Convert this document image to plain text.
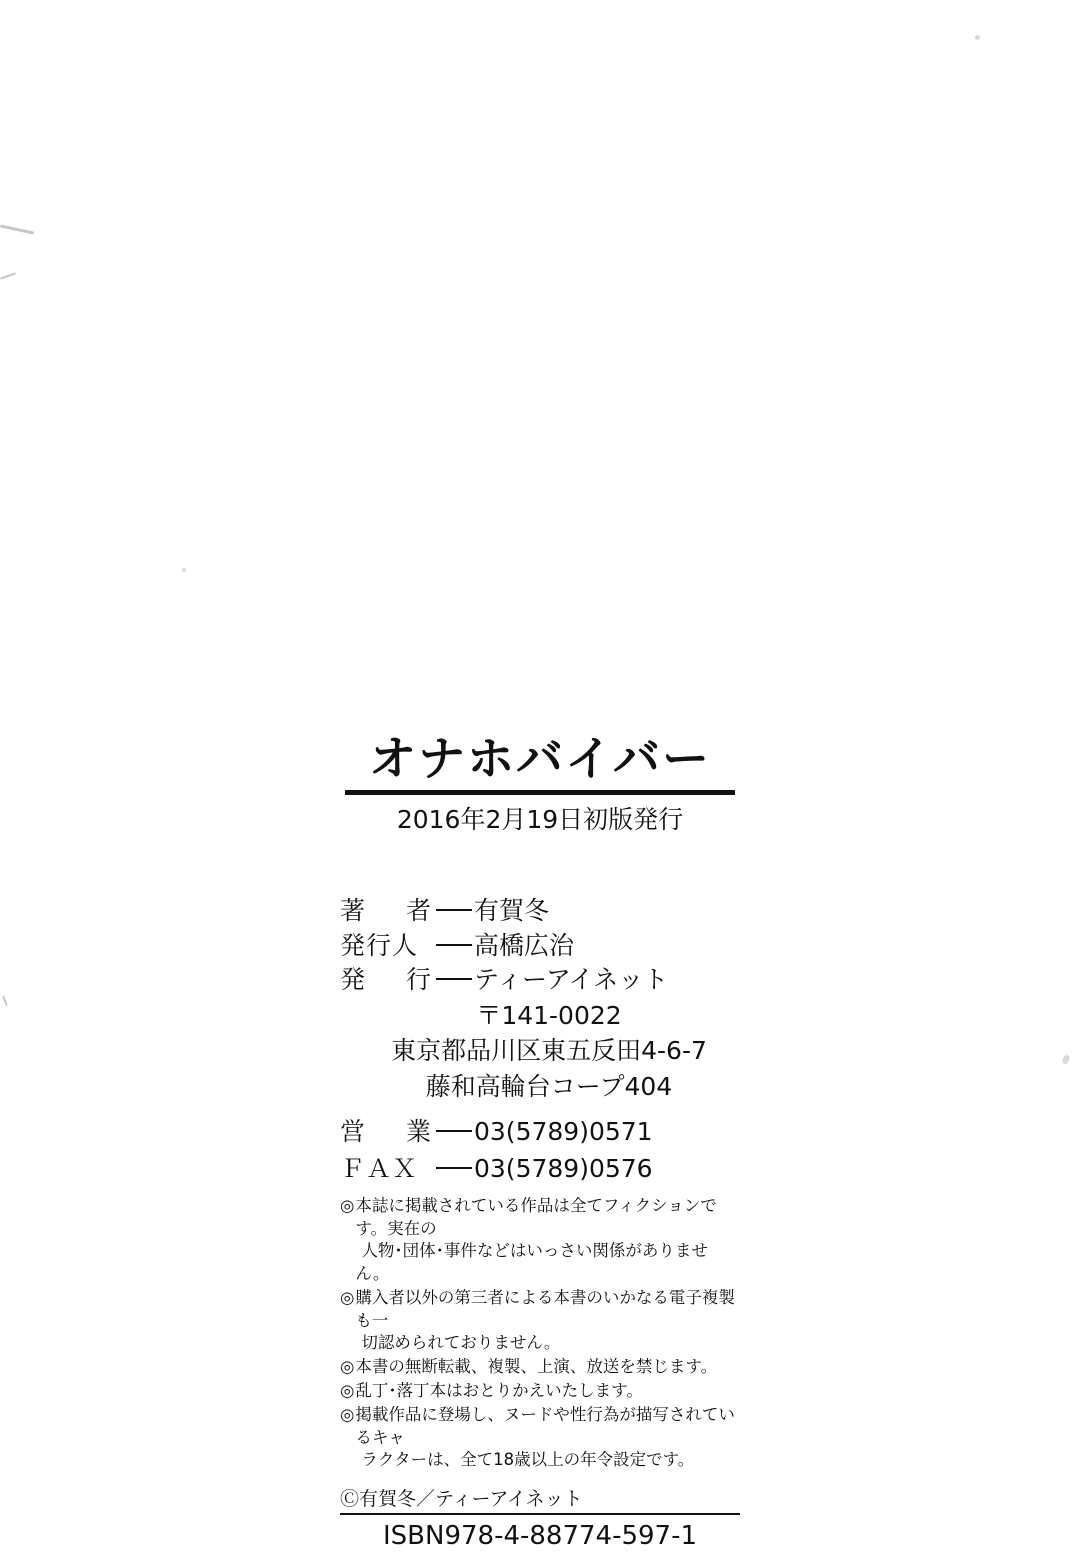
オナホバイバー

2016年2月19日初版発行

著　者 有賀冬
発行人	高橋広治
発　行 ティーアイネット
〒141-0022
東京都品川区東五反田4-6-7
藤和高輪台コープ404
営　業 03(5789)0571
ＦＡＸ	03(5789)0576
◎ 本誌に掲載されている作品は全てフィクションです。実在の
人物･団体･事件などはいっさい関係がありません。
◎ 購入者以外の第三者による本書のいかなる電子複製も一
切認められておりません。
◎ 本書の無断転載、複製、上演、放送を禁じます。
◎ 乱丁･落丁本はおとりかえいたします。
◎ 掲載作品に登場し、ヌードや性行為が描写されているキャ
ラクターは、全て18歳以上の年令設定です。
Ⓒ有賀冬／ティーアイネット
ISBN978-4-88774-597-1
